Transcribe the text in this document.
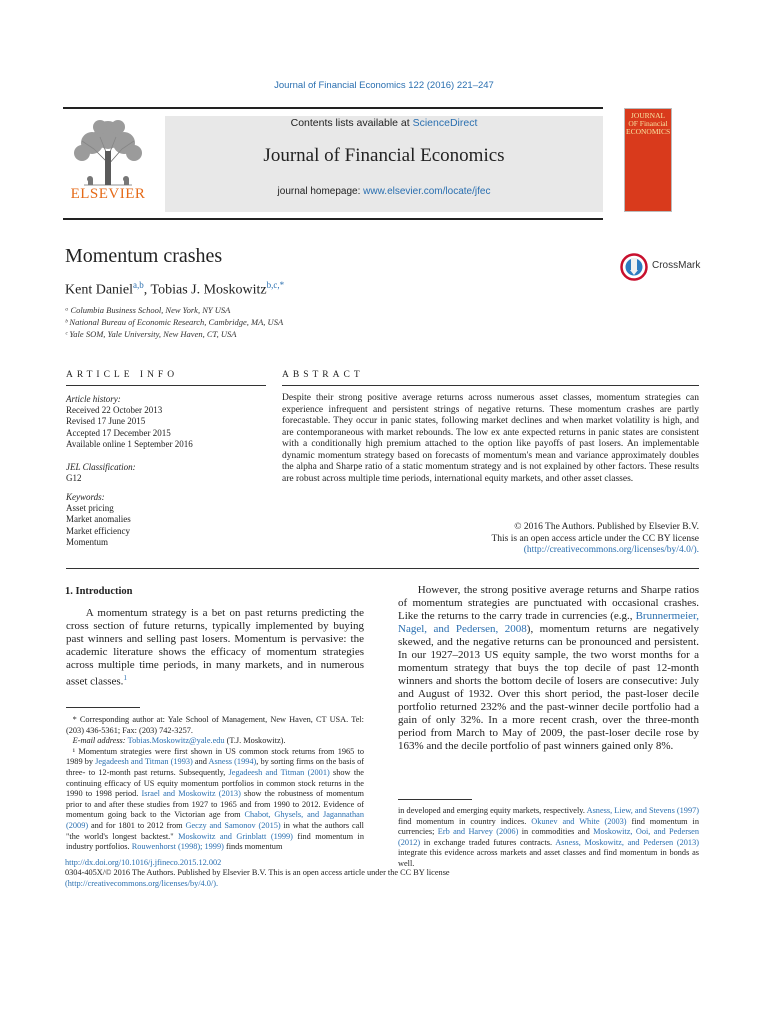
Journal of Financial Economics 122 (2016) 221–247
ELSEVIER
Contents lists available at ScienceDirect
Journal of Financial Economics
journal homepage: www.elsevier.com/locate/jfec
JOURNAL OF Financial ECONOMICS
Momentum crashes	CrossMark
Kent Daniel$^{a,b}$, Tobias J. Moskowitz$^{b,c,*}$
ᵃ Columbia Business School, New York, NY USA
ᵇ National Bureau of Economic Research, Cambridge, MA, USA
ᶜ Yale SOM, Yale University, New Haven, CT, USA
ARTICLE INFO
Article history:
Received 22 October 2013
Revised 17 June 2015
Accepted 17 December 2015
Available online 1 September 2016
JEL Classification:
G12
Keywords:
Asset pricing
Market anomalies
Market efficiency
Momentum
ABSTRACT
Despite their strong positive average returns across numerous asset classes, momentum strategies can experience infrequent and persistent strings of negative returns. These momentum crashes are partly forecastable. They occur in panic states, following market declines and when market volatility is high, and are contemporaneous with market rebounds. The low ex ante expected returns in panic states are consistent with a conditionally high premium attached to the option like payoffs of past losers. An implementable dynamic momentum strategy based on forecasts of momentum's mean and variance approximately doubles the alpha and Sharpe ratio of a static momentum strategy and is not explained by other factors. These results are robust across multiple time periods, international equity markets, and other asset classes.
© 2016 The Authors. Published by Elsevier B.V.
This is an open access article under the CC BY license
(http://creativecommons.org/licenses/by/4.0/).
1. Introduction

A momentum strategy is a bet on past returns predicting the cross section of future returns, typically implemented by buying past winners and selling past losers. Momentum is pervasive: the academic literature shows the efficacy of momentum strategies across multiple time periods, in many markets, and in numerous asset classes.$^1$

However, the strong positive average returns and Sharpe ratios of momentum strategies are punctuated with occasional crashes. Like the returns to the carry trade in currencies (e.g., Brunnermeier, Nagel, and Pedersen, 2008), momentum returns are negatively skewed, and the negative returns can be pronounced and persistent. In our 1927–2013 US equity sample, the two worst months for a momentum strategy that buys the top decile of past 12-month winners and shorts the bottom decile of losers are consecutive: July and August of 1932. Over this short period, the past-loser decile portfolio returned 232% and the past-winner decile portfolio had a gain of only 32%. In a more recent crash, over the three-month period from March to May of 2009, the past-loser decile rose by 163% and the decile portfolio of past winners gained only 8%.

* Corresponding author at: Yale School of Management, New Haven, CT USA. Tel: (203) 436-5361; Fax: (203) 742-3257.

E-mail address: Tobias.Moskowitz@yale.edu (T.J. Moskowitz).

¹ Momentum strategies were first shown in US common stock returns from 1965 to 1989 by Jegadeesh and Titman (1993) and Asness (1994), by sorting firms on the basis of three- to 12-month past returns. Subsequently, Jegadeesh and Titman (2001) show the continuing efficacy of US equity momentum portfolios in common stock returns in the 1990 to 1998 period. Israel and Moskowitz (2013) show the robustness of momentum prior to and after these studies from 1927 to 1965 and from 1990 to 2012. Evidence of momentum going back to the Victorian age from Chabot, Ghysels, and Jagannathan (2009) and for 1801 to 2012 from Geczy and Samonov (2015) in what the authors call "the world's longest backtest." Moskowitz and Grinblatt (1999) find momentum in industry portfolios. Rouwenhorst (1998); 1999) finds momentum

in developed and emerging equity markets, respectively. Asness, Liew, and Stevens (1997) find momentum in country indices. Okunev and White (2003) find momentum in currencies; Erb and Harvey (2006) in commodities and Moskowitz, Ooi, and Pedersen (2012) in exchange traded futures contracts. Asness, Moskowitz, and Pedersen (2013) integrate this evidence across markets and asset classes and find momentum in bonds as well.

http://dx.doi.org/10.1016/j.jfineco.2015.12.002
0304-405X/© 2016 The Authors. Published by Elsevier B.V. This is an open access article under the CC BY license
(http://creativecommons.org/licenses/by/4.0/).
